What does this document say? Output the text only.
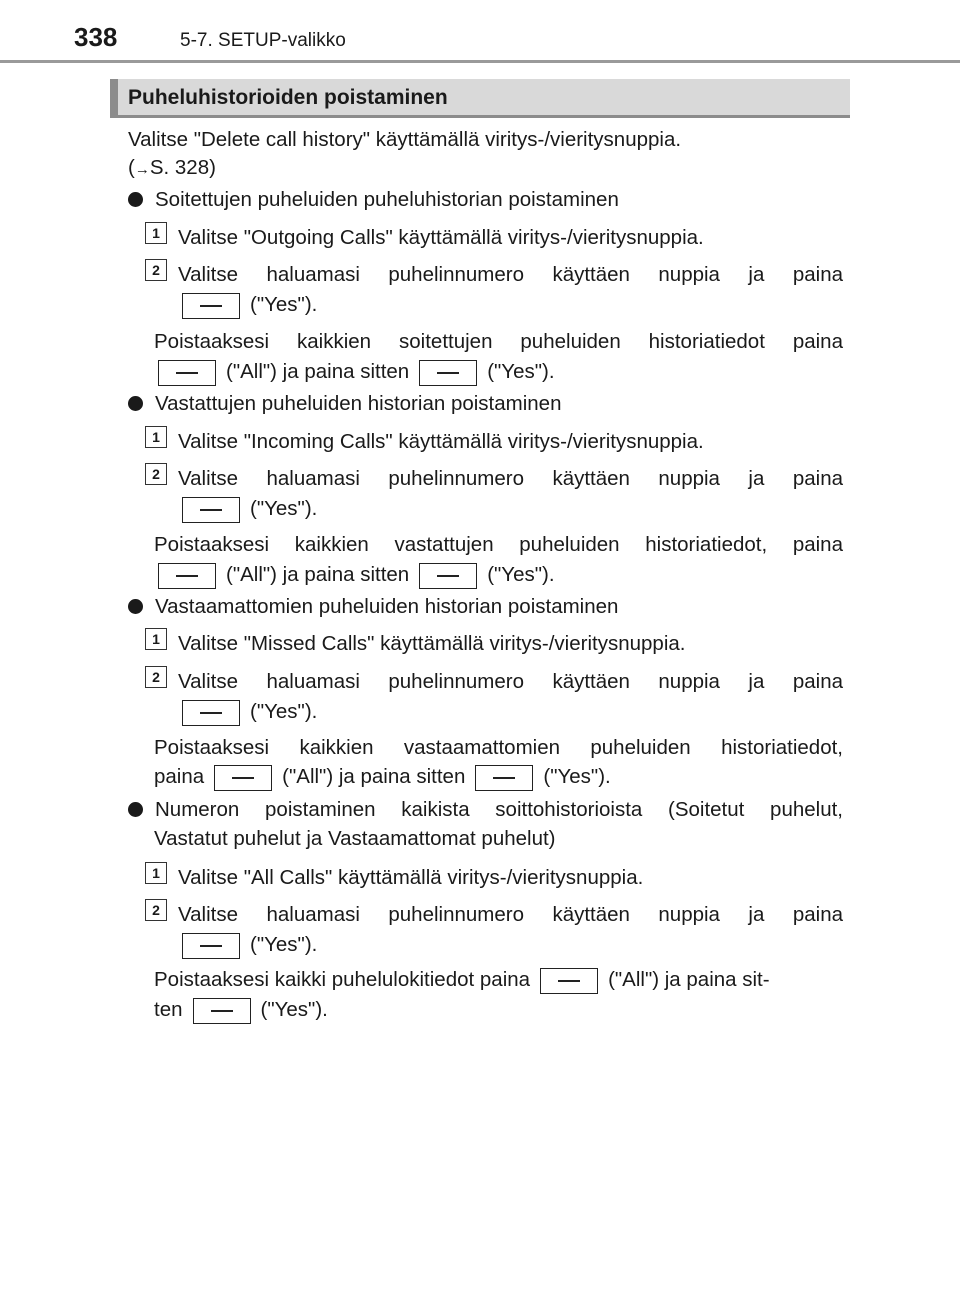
338	5-7. SETUP-valikko
Puheluhistorioiden poistaminen
Valitse "Delete call history" käyttämällä viritys-/vieritysnuppia.
(→S. 328)
Soitettujen puheluiden puheluhistorian poistaminen
1 Valitse "Outgoing Calls" käyttämällä viritys-/vieritysnuppia.
2 Valitse haluamasi puhelinnumero käyttäen nuppia ja paina
("Yes").
Poistaaksesi kaikkien soitettujen puheluiden historiatiedot paina
("All") ja paina sitten	("Yes").
Vastattujen puheluiden historian poistaminen
1 Valitse "Incoming Calls" käyttämällä viritys-/vieritysnuppia.
2 Valitse haluamasi puhelinnumero käyttäen nuppia ja paina
("Yes").
Poistaaksesi kaikkien vastattujen puheluiden historiatiedot, paina
("All") ja paina sitten	("Yes").
Vastaamattomien puheluiden historian poistaminen
1 Valitse "Missed Calls" käyttämällä viritys-/vieritysnuppia.
2 Valitse haluamasi puhelinnumero käyttäen nuppia ja paina
("Yes").
Poistaaksesi kaikkien vastaamattomien puheluiden historiatiedot,
paina	("All") ja paina sitten	("Yes").
Numeron poistaminen kaikista soittohistorioista (Soitetut puhelut,
Vastatut puhelut ja Vastaamattomat puhelut)
1 Valitse "All Calls" käyttämällä viritys-/vieritysnuppia.
2 Valitse haluamasi puhelinnumero käyttäen nuppia ja paina
("Yes").
Poistaaksesi kaikki puhelulokitiedot paina	("All") ja paina sit-
ten	("Yes").
